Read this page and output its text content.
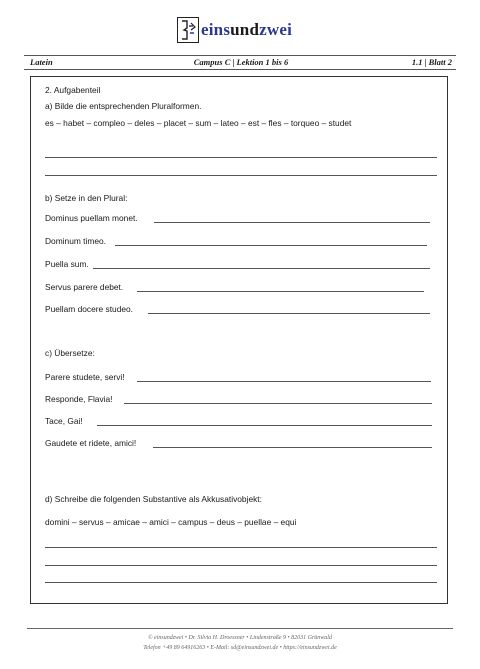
einsundzwei
Latein	Campus C | Lektion 1 bis 6	1.1 | Blatt 2
2. Aufgabenteil
a) Bilde die entsprechenden Pluralformen.
es – habet – compleo – deles – placet – sum – lateo – est – fles – torqueo – studet
b) Setze in den Plural:
Dominus puellam monet.
Dominum timeo.
Puella sum.
Servus parere debet.
Puellam docere studeo.
c) Übersetze:
Parere studete, servi!
Responde, Flavia!
Tace, Gai!
Gaudete et ridete, amici!
d) Schreibe die folgenden Substantive als Akkusativobjekt:
domini – servus – amicae – amici – campus – deus – puellae – equi
© einsundzwei • Dr. Silvia H. Droessner • Lindenstraße 9 • 82031 Grünwald
Telefon +49 89 64916263 • E-Mail: sd@einsundzwei.de • https://einsundzwei.de
